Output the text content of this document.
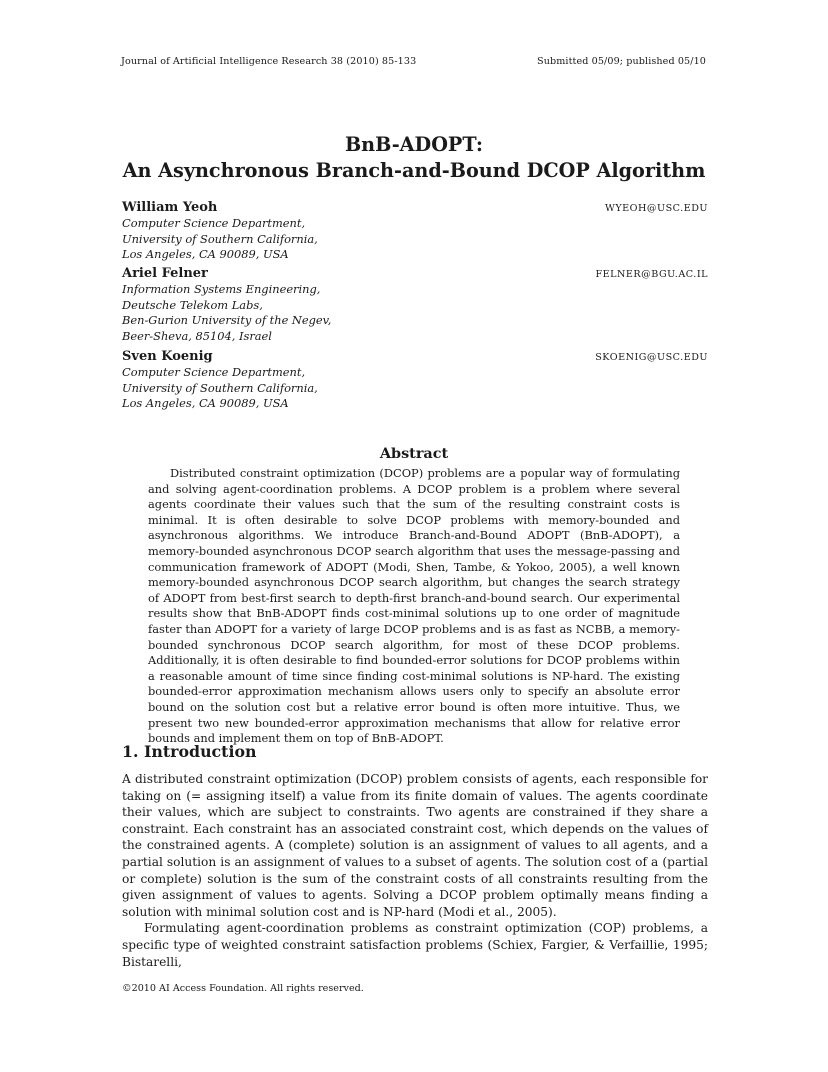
Journal of Artificial Intelligence Research 38 (2010) 85-133	Submitted 05/09; published 05/10
BnB-ADOPT:
An Asynchronous Branch-and-Bound DCOP Algorithm
William Yeoh	WYEOH@USC.EDU
Computer Science Department,
University of Southern California,
Los Angeles, CA 90089, USA
Ariel Felner	FELNER@BGU.AC.IL
Information Systems Engineering,
Deutsche Telekom Labs,
Ben-Gurion University of the Negev,
Beer-Sheva, 85104, Israel
Sven Koenig	SKOENIG@USC.EDU
Computer Science Department,
University of Southern California,
Los Angeles, CA 90089, USA
Abstract

Distributed constraint optimization (DCOP) problems are a popular way of formulating and solving agent-coordination problems. A DCOP problem is a problem where several agents coordinate their values such that the sum of the resulting constraint costs is minimal. It is often desirable to solve DCOP problems with memory-bounded and asynchronous algorithms. We introduce Branch-and-Bound ADOPT (BnB-ADOPT), a memory-bounded asynchronous DCOP search algorithm that uses the message-passing and communication framework of ADOPT (Modi, Shen, Tambe, & Yokoo, 2005), a well known memory-bounded asynchronous DCOP search algorithm, but changes the search strategy of ADOPT from best-first search to depth-first branch-and-bound search. Our experimental results show that BnB-ADOPT finds cost-minimal solutions up to one order of magnitude faster than ADOPT for a variety of large DCOP problems and is as fast as NCBB, a memory-bounded synchronous DCOP search algorithm, for most of these DCOP problems. Additionally, it is often desirable to find bounded-error solutions for DCOP problems within a reasonable amount of time since finding cost-minimal solutions is NP-hard. The existing bounded-error approximation mechanism allows users only to specify an absolute error bound on the solution cost but a relative error bound is often more intuitive. Thus, we present two new bounded-error approximation mechanisms that allow for relative error bounds and implement them on top of BnB-ADOPT.

1. Introduction

A distributed constraint optimization (DCOP) problem consists of agents, each responsible for taking on (= assigning itself) a value from its finite domain of values. The agents coordinate their values, which are subject to constraints. Two agents are constrained if they share a constraint. Each constraint has an associated constraint cost, which depends on the values of the constrained agents. A (complete) solution is an assignment of values to all agents, and a partial solution is an assignment of values to a subset of agents. The solution cost of a (partial or complete) solution is the sum of the constraint costs of all constraints resulting from the given assignment of values to agents. Solving a DCOP problem optimally means finding a solution with minimal solution cost and is NP-hard (Modi et al., 2005).

Formulating agent-coordination problems as constraint optimization (COP) problems, a specific type of weighted constraint satisfaction problems (Schiex, Fargier, & Verfaillie, 1995; Bistarelli,

©2010 AI Access Foundation. All rights reserved.
